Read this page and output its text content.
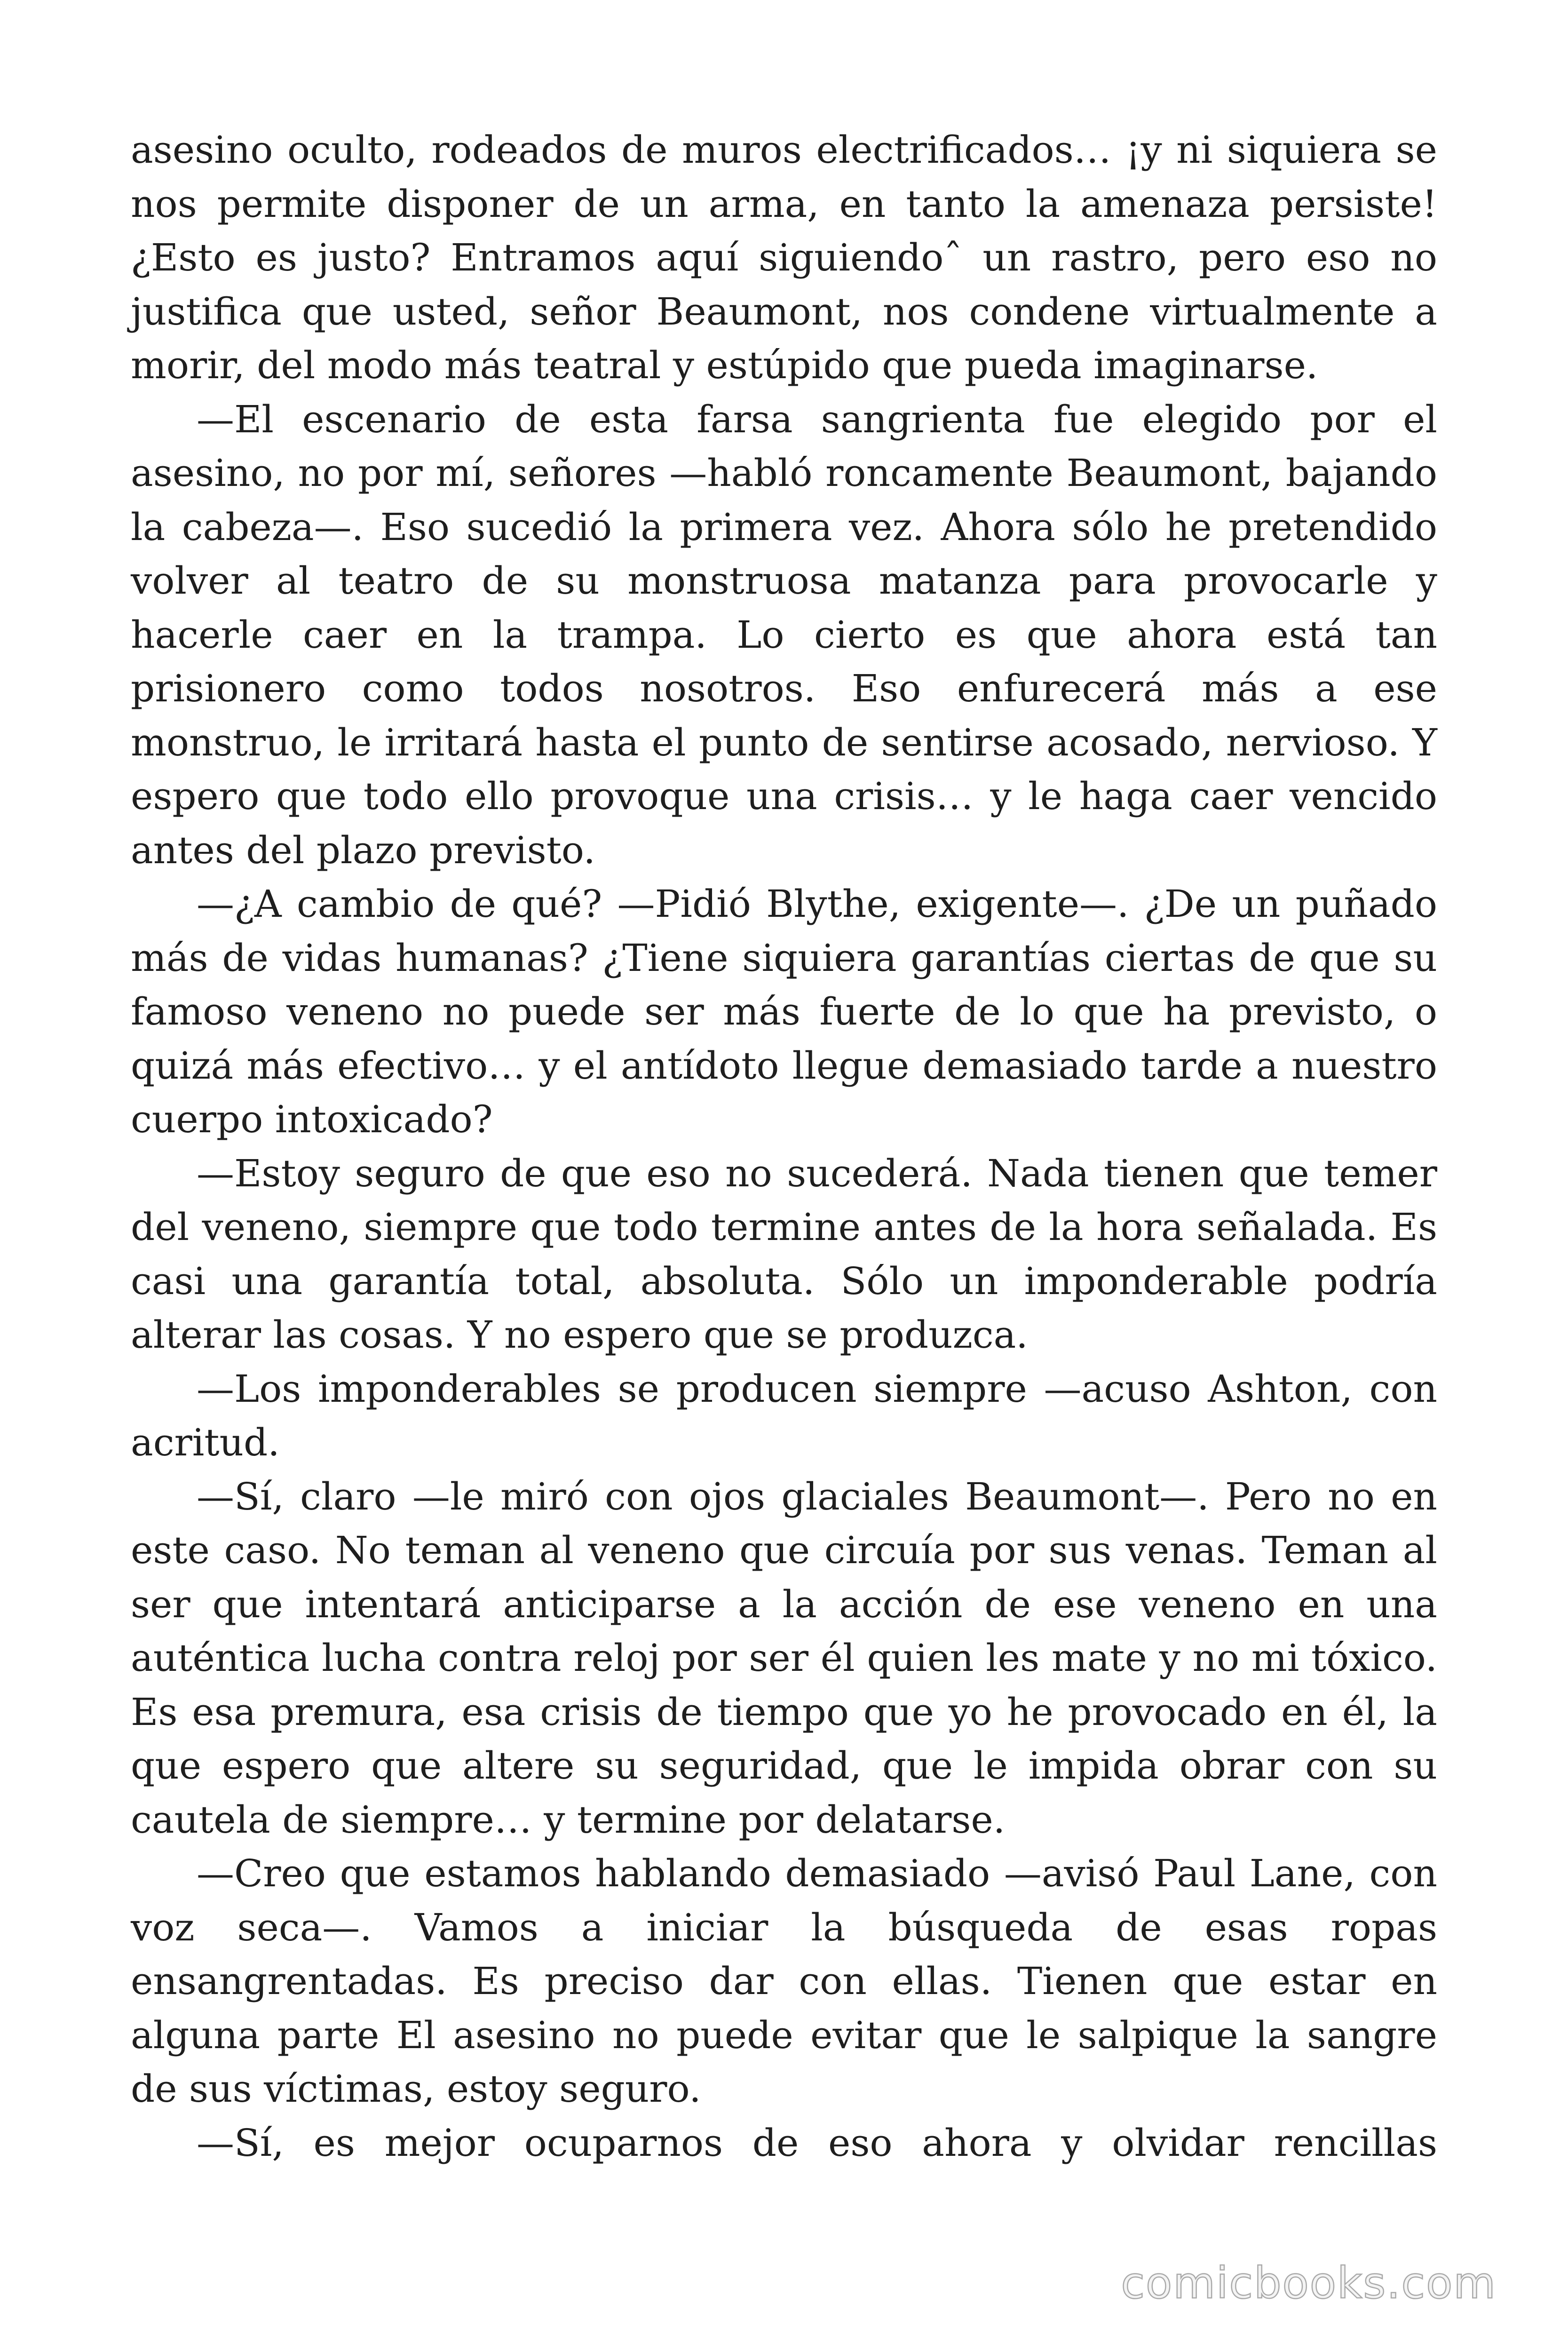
asesino oculto, rodeados de muros electrificados… ¡y ni siquiera se nos permite disponer de un arma, en tanto la amenaza persiste! ¿Esto es justo? Entramos aquí siguiendoˆ un rastro, pero eso no justifica que usted, señor Beaumont, nos condene virtualmente a morir, del modo más teatral y estúpido que pueda imaginarse.

—El escenario de esta farsa sangrienta fue elegido por el asesino, no por mí, señores —habló roncamente Beaumont, bajando la cabeza—. Eso sucedió la primera vez. Ahora sólo he pretendido volver al teatro de su monstruosa matanza para provocarle y hacerle caer en la trampa. Lo cierto es que ahora está tan prisionero como todos nosotros. Eso enfurecerá más a ese monstruo, le irritará hasta el punto de sentirse acosado, nervioso. Y espero que todo ello provoque una crisis… y le haga caer vencido antes del plazo previsto.

—¿A cambio de qué? —Pidió Blythe, exigente—. ¿De un puñado más de vidas humanas? ¿Tiene siquiera garantías ciertas de que su famoso veneno no puede ser más fuerte de lo que ha previsto, o quizá más efectivo… y el antídoto llegue demasiado tarde a nuestro cuerpo intoxicado?

—Estoy seguro de que eso no sucederá. Nada tienen que temer del veneno, siempre que todo termine antes de la hora señalada. Es casi una garantía total, absoluta. Sólo un imponderable podría alterar las cosas. Y no espero que se produzca.

—Los imponderables se producen siempre —acuso Ashton, con acritud.

—Sí, claro —le miró con ojos glaciales Beaumont—. Pero no en este caso. No teman al veneno que circuía por sus venas. Teman al ser que intentará anticiparse a la acción de ese veneno en una auténtica lucha contra reloj por ser él quien les mate y no mi tóxico. Es esa premura, esa crisis de tiempo que yo he provocado en él, la que espero que altere su seguridad, que le impida obrar con su cautela de siempre… y termine por delatarse.

—Creo que estamos hablando demasiado —avisó Paul Lane, con voz seca—. Vamos a iniciar la búsqueda de esas ropas ensangrentadas. Es preciso dar con ellas. Tienen que estar en alguna parte El asesino no puede evitar que le salpique la sangre de sus víctimas, estoy seguro.

—Sí, es mejor ocuparnos de eso ahora y olvidar rencillas

comicbooks.com
